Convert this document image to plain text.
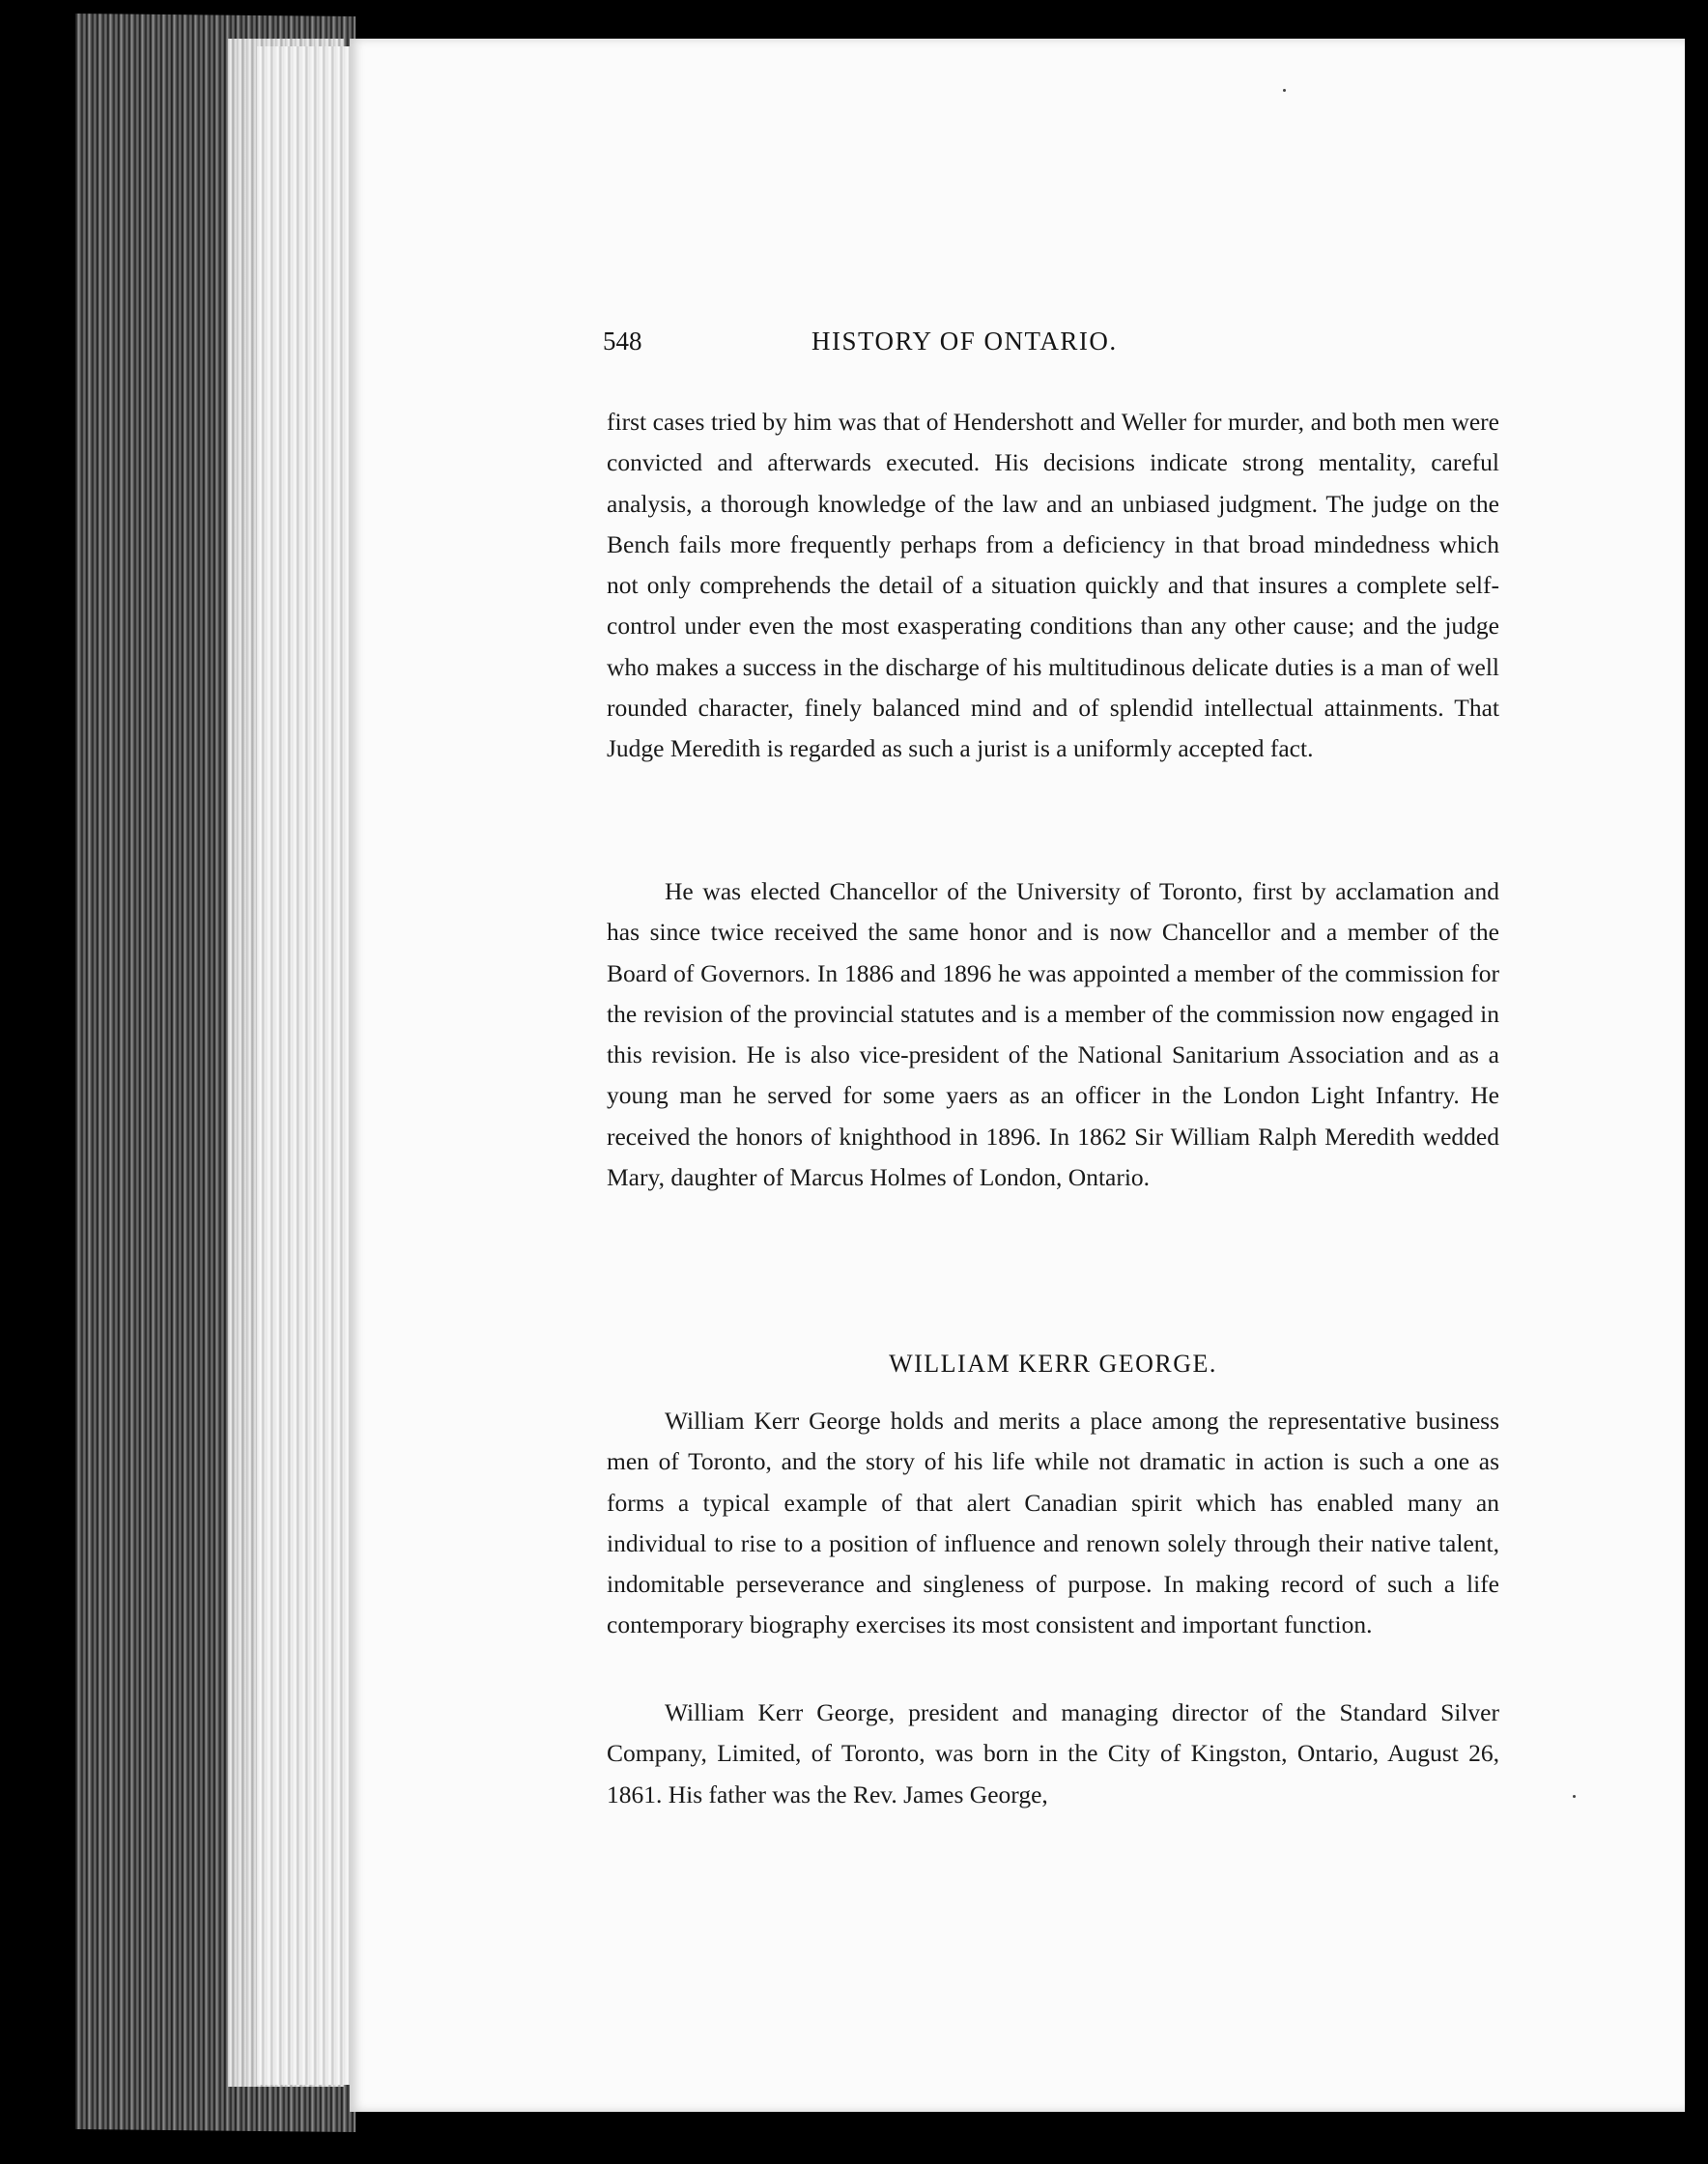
548	HISTORY OF ONTARIO.

first cases tried by him was that of Hendershott and Weller for murder, and both men were convicted and afterwards executed. His decisions indicate strong mentality, careful analysis, a thorough knowledge of the law and an unbiased judgment. The judge on the Bench fails more frequently perhaps from a deficiency in that broad mindedness which not only comprehends the detail of a situation quickly and that insures a complete self-control under even the most exasperating conditions than any other cause; and the judge who makes a success in the discharge of his multitudinous delicate duties is a man of well rounded character, finely balanced mind and of splendid intellectual attainments. That Judge Meredith is regarded as such a jurist is a uniformly accepted fact.

He was elected Chancellor of the University of Toronto, first by acclamation and has since twice received the same honor and is now Chancellor and a member of the Board of Governors. In 1886 and 1896 he was appointed a member of the commission for the revision of the provincial statutes and is a member of the commission now engaged in this revision. He is also vice-president of the National Sanitarium Association and as a young man he served for some yaers as an officer in the London Light Infantry. He received the honors of knighthood in 1896. In 1862 Sir William Ralph Meredith wedded Mary, daughter of Marcus Holmes of London, Ontario.

WILLIAM KERR GEORGE.

William Kerr George holds and merits a place among the representative business men of Toronto, and the story of his life while not dramatic in action is such a one as forms a typical example of that alert Canadian spirit which has enabled many an individual to rise to a position of influence and renown solely through their native talent, indomitable perseverance and singleness of purpose. In making record of such a life contemporary biography exercises its most consistent and important function.

William Kerr George, president and managing director of the Standard Silver Company, Limited, of Toronto, was born in the City of Kingston, Ontario, August 26, 1861. His father was the Rev. James George,
